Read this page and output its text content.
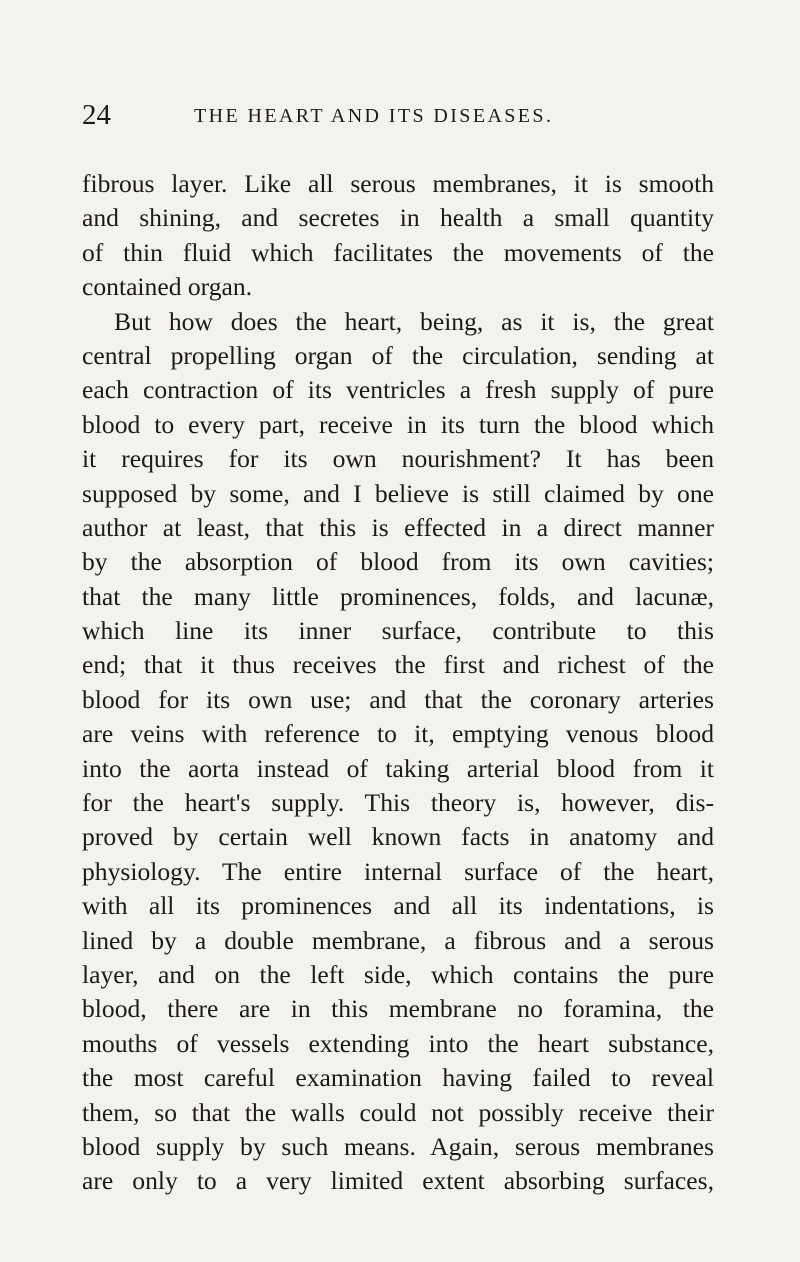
24	THE HEART AND ITS DISEASES.
fibrous layer. Like all serous membranes, it is smooth
and shining, and secretes in health a small quantity
of thin fluid which facilitates the movements of the
contained organ.
But how does the heart, being, as it is, the great
central propelling organ of the circulation, sending at
each contraction of its ventricles a fresh supply of pure
blood to every part, receive in its turn the blood which
it requires for its own nourishment? It has been
supposed by some, and I believe is still claimed by one
author at least, that this is effected in a direct manner
by the absorption of blood from its own cavities;
that the many little prominences, folds, and lacunæ,
which line its inner surface, contribute to this
end; that it thus receives the first and richest of the
blood for its own use; and that the coronary arteries
are veins with reference to it, emptying venous blood
into the aorta instead of taking arterial blood from it
for the heart's supply. This theory is, however, dis-
proved by certain well known facts in anatomy and
physiology. The entire internal surface of the heart,
with all its prominences and all its indentations, is
lined by a double membrane, a fibrous and a serous
layer, and on the left side, which contains the pure
blood, there are in this membrane no foramina, the
mouths of vessels extending into the heart substance,
the most careful examination having failed to reveal
them, so that the walls could not possibly receive their
blood supply by such means. Again, serous membranes
are only to a very limited extent absorbing surfaces,
